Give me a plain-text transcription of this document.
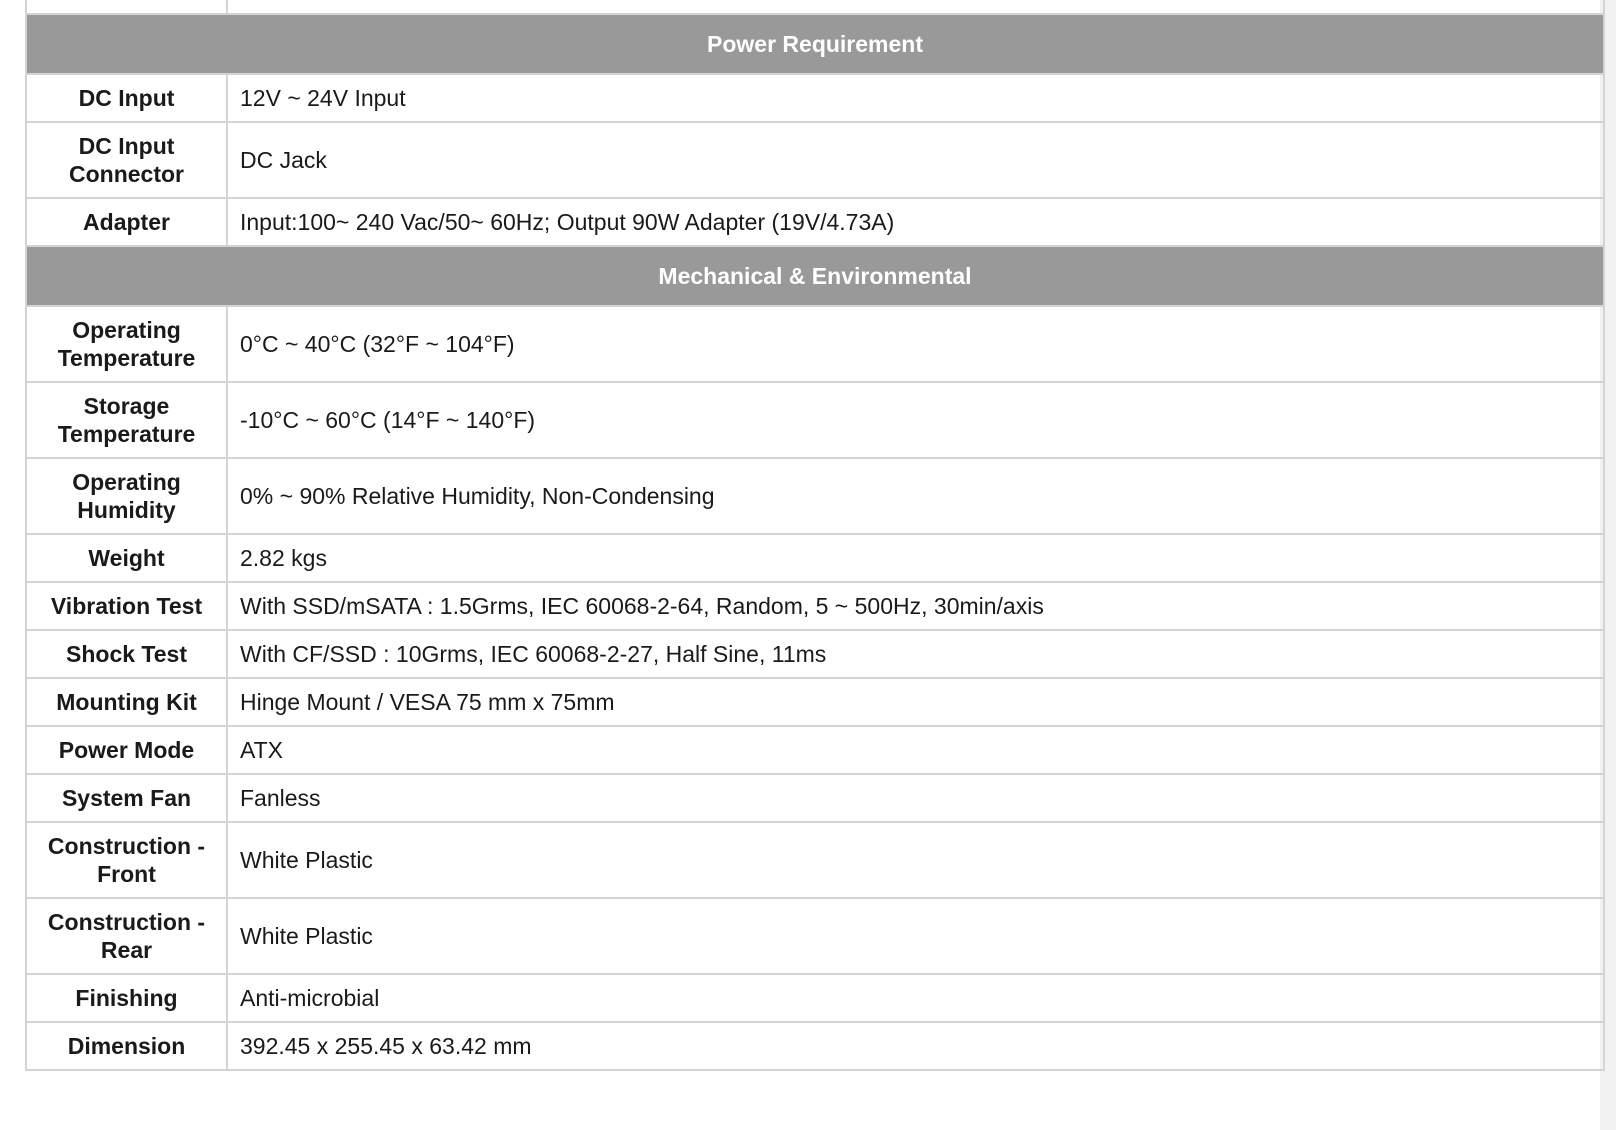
Power Requirement	
DC Input	12V ~ 24V Input
DC Input Connector	DC Jack
Adapter	Input:100~ 240 Vac/50~ 60Hz; Output 90W Adapter (19V/4.73A)
Mechanical & Environmental	
Operating Temperature	0°C ~ 40°C (32°F ~ 104°F)
Storage Temperature	-10°C ~ 60°C (14°F ~ 140°F)
Operating Humidity	0% ~ 90% Relative Humidity, Non-Condensing
Weight	2.82 kgs
Vibration Test	With SSD/mSATA : 1.5Grms, IEC 60068-2-64, Random, 5 ~ 500Hz, 30min/axis
Shock Test	With CF/SSD : 10Grms, IEC 60068-2-27, Half Sine, 11ms
Mounting Kit	Hinge Mount / VESA 75 mm x 75mm
Power Mode	ATX
System Fan	Fanless
Construction - Front	White Plastic
Construction - Rear	White Plastic
Finishing	Anti-microbial
Dimension	392.45 x 255.45 x 63.42 mm
